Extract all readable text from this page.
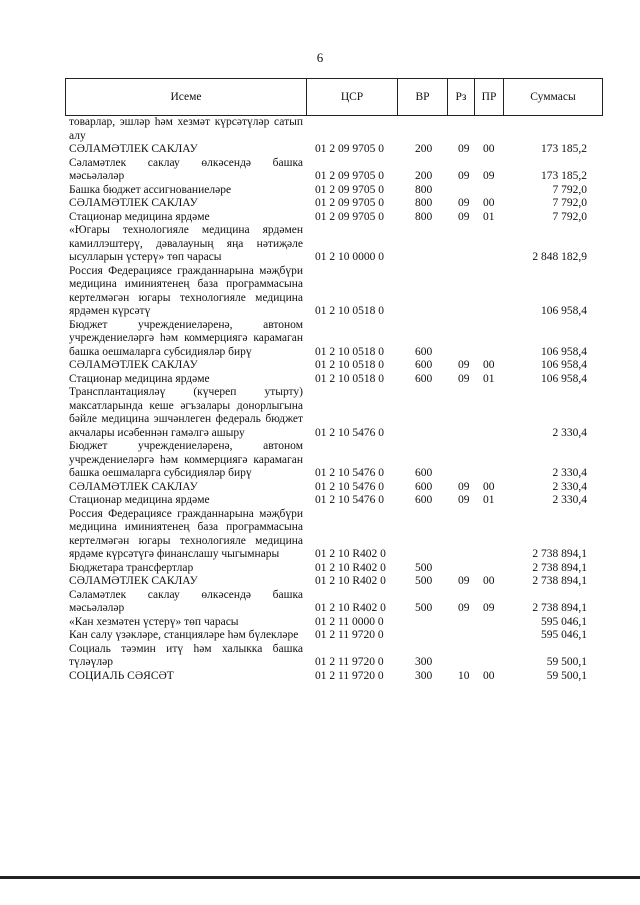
6
Исеме	ЦСР	ВР	Рз	ПР	Суммасы
товарлар, эшләр һәм хезмәт күрсәтүләр сатып алу
СӘЛАМӘТЛЕК САКЛАУ	01 2 09 9705 0	200 09 00	173 185,2
Сәламәтлек саклау өлкәсендә башка мәсьәләләр	01 2 09 9705 0	200 09 09	173 185,2
Башка бюджет ассигнованиеләре	01 2 09 9705 0	800	7 792,0
СӘЛАМӘТЛЕК САКЛАУ	01 2 09 9705 0	800 09 00	7 792,0
Стационар медицина ярдәме	01 2 09 9705 0	800 09 01	7 792,0
«Югары технологияле медицина ярдәмен камиллэштерү, дәвалауның яңа нәтиҗәле ысулларын үстерү» төп чарасы	01 2 10 0000 0	2 848 182,9
Россия Федерациясе гражданнарына мәҗбүри медицина иминиятенең база программасына кертелмәгән югары технологияле медицина ярдәмен күрсәтү	01 2 10 0518 0	106 958,4
Бюджет учреждениеләренә, автоном учреждениеләргә һәм коммерциягә карамаган башка оешмаларга субсидияләр бирү	01 2 10 0518 0	600	106 958,4
СӘЛАМӘТЛЕК САКЛАУ	01 2 10 0518 0	600 09 00	106 958,4
Стационар медицина ярдәме	01 2 10 0518 0	600 09 01	106 958,4
Трансплантацияләү (күчереп утырту) максатларында кеше әгъзалары донорлыгына бәйле медицина эшчәнлеген федераль бюджет акчалары исәбеннән гамәлгә ашыру	01 2 10 5476 0	2 330,4
Бюджет учреждениеләренә, автоном учреждениеләргә һәм коммерциягә карамаган башка оешмаларга субсидияләр бирү	01 2 10 5476 0	600	2 330,4
СӘЛАМӘТЛЕК САКЛАУ	01 2 10 5476 0	600 09 00	2 330,4
Стационар медицина ярдәме	01 2 10 5476 0	600 09 01	2 330,4
Россия Федерациясе гражданнарына мәҗбүри медицина иминиятенең база программасына кертелмәгән югары технологияле медицина ярдәме күрсәтүгә финанслашу чыгымнары	01 2 10 R402 0	2 738 894,1
Бюджетара трансфертлар	01 2 10 R402 0	500	2 738 894,1
СӘЛАМӘТЛЕК САКЛАУ	01 2 10 R402 0	500 09 00	2 738 894,1
Сәламәтлек саклау өлкәсендә башка мәсьәләләр	01 2 10 R402 0	500 09 09	2 738 894,1
«Кан хезмәтен үстерү» төп чарасы	01 2 11 0000 0	595 046,1
Кан салу үзәкләре, станцияләре һәм бүлекләре	01 2 11 9720 0	595 046,1
Социаль тәэмин итү һәм халыкка башка түләүләр	01 2 11 9720 0	300	59 500,1
СОЦИАЛЬ СӘЯСӘТ	01 2 11 9720 0	300 10 00	59 500,1
